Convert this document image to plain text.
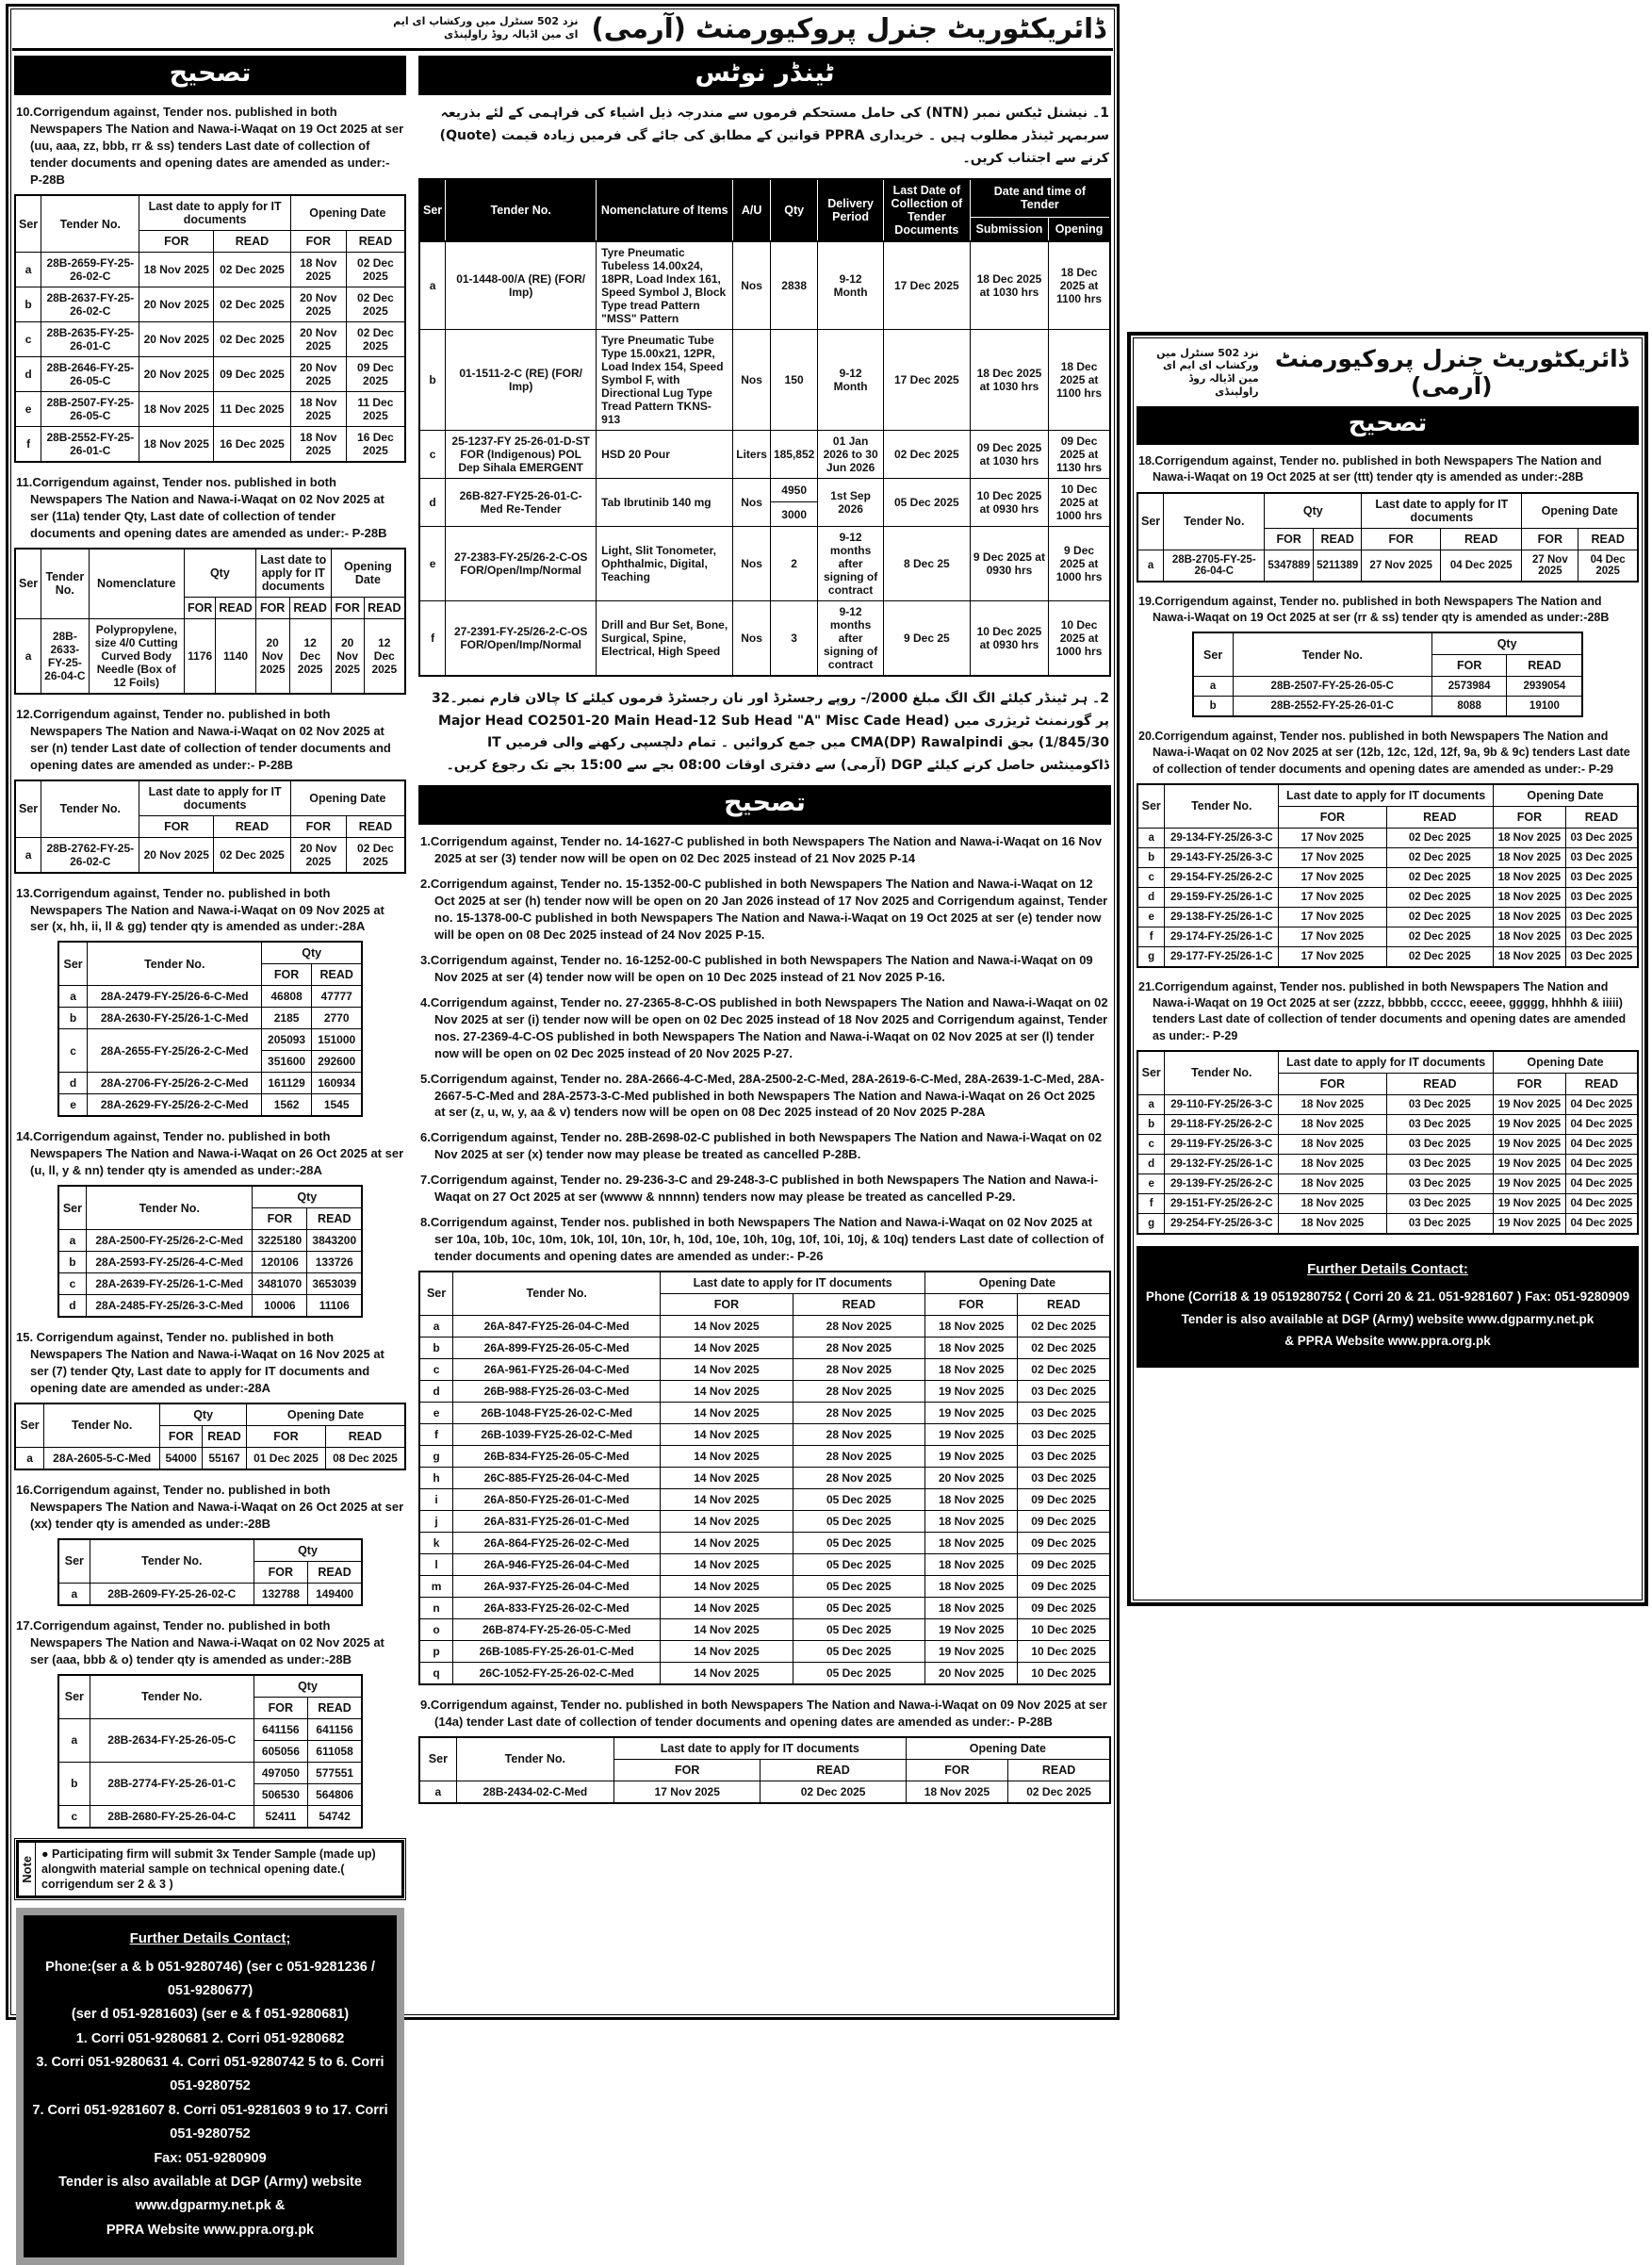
نزد 502 سنٹرل میں ورکشاپ ای ایم ای مین اڈیالہ روڈ راولپنڈی ڈائریکٹوریٹ جنرل پروکیورمنٹ (آرمی)
تصحیح

10.Corrigendum against, Tender nos. published in both Newspapers The Nation and Nawa-i-Waqat on 19 Oct 2025 at ser (uu, aaa, zz, bbb, rr & ss) tenders Last date of collection of tender documents and opening dates are amended as under:- P-28B

Ser	Tender No.	Last date to apply for IT documents		Opening Date	
		FOR	READ	FOR	READ
a	28B-2659-FY-25-26-02-C	18 Nov 2025	02 Dec 2025	18 Nov 2025	02 Dec 2025
b	28B-2637-FY-25-26-02-C	20 Nov 2025	02 Dec 2025	20 Nov 2025	02 Dec 2025
c	28B-2635-FY-25-26-01-C	20 Nov 2025	02 Dec 2025	20 Nov 2025	02 Dec 2025
d	28B-2646-FY-25-26-05-C	20 Nov 2025	09 Dec 2025	20 Nov 2025	09 Dec 2025
e	28B-2507-FY-25-26-05-C	18 Nov 2025	11 Dec 2025	18 Nov 2025	11 Dec 2025
f	28B-2552-FY-25-26-01-C	18 Nov 2025	16 Dec 2025	18 Nov 2025	16 Dec 2025

11.Corrigendum against, Tender nos. published in both Newspapers The Nation and Nawa-i-Waqat on 02 Nov 2025 at ser (11a) tender Qty, Last date of collection of tender documents and opening dates are amended as under:- P-28B

Ser	Tender No.	Nomenclature	Qty		Last date to apply for IT documents		Opening Date	
			FOR	READ	FOR	READ	FOR	READ
a	28B-2633-FY-25-26-04-C	Polypropylene, size 4/0 Cutting Curved Body Needle (Box of 12 Foils)	1176	1140	20 Nov 2025	12 Dec 2025	20 Nov 2025	12 Dec 2025

12.Corrigendum against, Tender no. published in both Newspapers The Nation and Nawa-i-Waqat on 02 Nov 2025 at ser (n) tender Last date of collection of tender documents and opening dates are amended as under:- P-28B

Ser	Tender No.	Last date to apply for IT documents		Opening Date	
		FOR	READ	FOR	READ
a	28B-2762-FY-25-26-02-C	20 Nov 2025	02 Dec 2025	20 Nov 2025	02 Dec 2025

13.Corrigendum against, Tender no. published in both Newspapers The Nation and Nawa-i-Waqat on 09 Nov 2025 at ser (x, hh, ii, ll & gg) tender qty is amended as under:-28A

Ser	Tender No.	Qty	
		FOR	READ
a	28A-2479-FY-25/26-6-C-Med	46808	47777
b	28A-2630-FY-25/26-1-C-Med	2185	2770
c	28A-2655-FY-25/26-2-C-Med	205093	151000
		351600	292600
d	28A-2706-FY-25/26-2-C-Med	161129	160934
e	28A-2629-FY-25/26-2-C-Med	1562	1545

14.Corrigendum against, Tender no. published in both Newspapers The Nation and Nawa-i-Waqat on 26 Oct 2025 at ser (u, ll, y & nn) tender qty is amended as under:-28A

Ser	Tender No.	Qty	
		FOR	READ
a	28A-2500-FY-25/26-2-C-Med	3225180	3843200
b	28A-2593-FY-25/26-4-C-Med	120106	133726
c	28A-2639-FY-25/26-1-C-Med	3481070	3653039
d	28A-2485-FY-25/26-3-C-Med	10006	11106

15. Corrigendum against, Tender no. published in both Newspapers The Nation and Nawa-i-Waqat on 16 Nov 2025 at ser (7) tender Qty, Last date to apply for IT documents and opening date are amended as under:-28A

Ser	Tender No.	Qty		Opening Date	
		FOR	READ	FOR	READ
a	28A-2605-5-C-Med	54000	55167	01 Dec 2025	08 Dec 2025

16.Corrigendum against, Tender no. published in both Newspapers The Nation and Nawa-i-Waqat on 26 Oct 2025 at ser (xx) tender qty is amended as under:-28B

Ser	Tender No.	Qty	
		FOR	READ
a	28B-2609-FY-25-26-02-C	132788	149400

17.Corrigendum against, Tender no. published in both Newspapers The Nation and Nawa-i-Waqat on 02 Nov 2025 at ser (aaa, bbb & o) tender qty is amended as under:-28B

Ser	Tender No.	Qty	
		FOR	READ
a	28B-2634-FY-25-26-05-C	641156	641156
		605056	611058
b	28B-2774-FY-25-26-01-C	497050	577551
		506530	564806
c	28B-2680-FY-25-26-04-C	52411	54742
Note
● Participating firm will submit 3x Tender Sample (made up) alongwith material sample on technical opening date.( corrigendum ser 2 & 3 )
Further Details Contact;
Phone:(ser a & b 051-9280746) (ser c 051-9281236 / 051-9280677)
(ser d 051-9281603) (ser e & f 051-9280681)
1. Corri 051-9280681 2. Corri 051-9280682
3. Corri 051-9280631 4. Corri 051-9280742 5 to 6. Corri 051-9280752
7. Corri 051-9281607 8. Corri 051-9281603 9 to 17. Corri 051-9280752
Fax: 051-9280909
Tender is also available at DGP (Army) website www.dgparmy.net.pk &
PPRA Website www.ppra.org.pk
ٹینڈر نوٹس

1۔ نیشنل ٹیکس نمبر (NTN) کی حامل مستحکم فرموں سے مندرجہ ذیل اشیاء کی فراہمی کے لئے بذریعہ سربمہر ٹینڈر مطلوب ہیں ۔ خریداری PPRA قوانین کے مطابق کی جائے گی فرمیں زیادہ قیمت (Quote) کرنے سے اجتناب کریں۔

Ser	Tender No.	Nomenclature of Items	A/U	Qty	Delivery Period	Last Date of Collection of Tender Documents	Date and time of Tender	
							Submission	Opening
a	01-1448-00/A (RE) (FOR/ Imp)	Tyre Pneumatic Tubeless 14.00x24, 18PR, Load Index 161, Speed Symbol J, Block Type tread Pattern "MSS" Pattern	Nos	2838	9-12 Month	17 Dec 2025	18 Dec 2025 at 1030 hrs	18 Dec 2025 at 1100 hrs
b	01-1511-2-C (RE) (FOR/ Imp)	Tyre Pneumatic Tube Type 15.00x21, 12PR, Load Index 154, Speed Symbol F, with Directional Lug Type Tread Pattern TKNS-913	Nos	150	9-12 Month	17 Dec 2025	18 Dec 2025 at 1030 hrs	18 Dec 2025 at 1100 hrs
c	25-1237-FY 25-26-01-D-ST FOR (Indigenous) POL Dep Sihala EMERGENT	HSD 20 Pour	Liters	185,852	01 Jan 2026 to 30 Jun 2026	02 Dec 2025	09 Dec 2025 at 1030 hrs	09 Dec 2025 at 1130 hrs
d	26B-827-FY25-26-01-C-Med Re-Tender	Tab Ibrutinib 140 mg	Nos	4950	1st Sep 2026	05 Dec 2025	10 Dec 2025 at 0930 hrs	10 Dec 2025 at 1000 hrs
				3000				
e	27-2383-FY-25/26-2-C-OS FOR/Open/Imp/Normal	Light, Slit Tonometer, Ophthalmic, Digital, Teaching	Nos	2	9-12 months after signing of contract	8 Dec 25	9 Dec 2025 at 0930 hrs	9 Dec 2025 at 1000 hrs
f	27-2391-FY-25/26-2-C-OS FOR/Open/Imp/Normal	Drill and Bur Set, Bone, Surgical, Spine, Electrical, High Speed	Nos	3	9-12 months after signing of contract	9 Dec 25	10 Dec 2025 at 0930 hrs	10 Dec 2025 at 1000 hrs

2۔ ہر ٹینڈر کیلئے الگ الگ مبلغ 2000/- روپے رجسٹرڈ اور نان رجسٹرڈ فرموں کیلئے کا چالان فارم نمبر۔32 پر گورنمنٹ ٹریژری میں (Major Head CO2501-20 Main Head-12 Sub Head "A" Misc Cade Head 1/845/30) بجق CMA(DP) Rawalpindi میں جمع کروائیں ۔ تمام دلچسپی رکھنے والی فرمیں IT ڈاکومینٹس حاصل کرنے کیلئے DGP (آرمی) سے دفتری اوقات 08:00 بجے سے 15:00 بجے تک رجوع کریں۔

تصحیح

1.Corrigendum against, Tender no. 14-1627-C published in both Newspapers The Nation and Nawa-i-Waqat on 16 Nov 2025 at ser (3) tender now will be open on 02 Dec 2025 instead of 21 Nov 2025 P-14

2.Corrigendum against, Tender no. 15-1352-00-C published in both Newspapers The Nation and Nawa-i-Waqat on 12 Oct 2025 at ser (h) tender now will be open on 20 Jan 2026 instead of 17 Nov 2025 and Corrigendum against, Tender no. 15-1378-00-C published in both Newspapers The Nation and Nawa-i-Waqat on 19 Oct 2025 at ser (e) tender now will be open on 08 Dec 2025 instead of 24 Nov 2025 P-15.

3.Corrigendum against, Tender no. 16-1252-00-C published in both Newspapers The Nation and Nawa-i-Waqat on 09 Nov 2025 at ser (4) tender now will be open on 10 Dec 2025 instead of 21 Nov 2025 P-16.

4.Corrigendum against, Tender no. 27-2365-8-C-OS published in both Newspapers The Nation and Nawa-i-Waqat on 02 Nov 2025 at ser (i) tender now will be open on 02 Dec 2025 instead of 18 Nov 2025 and Corrigendum against, Tender nos. 27-2369-4-C-OS published in both Newspapers The Nation and Nawa-i-Waqat on 02 Nov 2025 at ser (l) tender now will be open on 02 Dec 2025 instead of 20 Nov 2025 P-27.

5.Corrigendum against, Tender no. 28A-2666-4-C-Med, 28A-2500-2-C-Med, 28A-2619-6-C-Med, 28A-2639-1-C-Med, 28A-2667-5-C-Med and 28A-2573-3-C-Med published in both Newspapers The Nation and Nawa-i-Waqat on 26 Oct 2025 at ser (z, u, w, y, aa & v) tenders now will be open on 08 Dec 2025 instead of 20 Nov 2025 P-28A

6.Corrigendum against, Tender no. 28B-2698-02-C published in both Newspapers The Nation and Nawa-i-Waqat on 02 Nov 2025 at ser (x) tender now may please be treated as cancelled P-28B.

7.Corrigendum against, Tender no. 29-236-3-C and 29-248-3-C published in both Newspapers The Nation and Nawa-i-Waqat on 27 Oct 2025 at ser (wwww & nnnnn) tenders now may please be treated as cancelled P-29.

8.Corrigendum against, Tender nos. published in both Newspapers The Nation and Nawa-i-Waqat on 02 Nov 2025 at ser 10a, 10b, 10c, 10m, 10k, 10l, 10n, 10r, h, 10d, 10e, 10h, 10g, 10f, 10i, 10j, & 10q) tenders Last date of collection of tender documents and opening dates are amended as under:- P-26

Ser	Tender No.	Last date to apply for IT documents		Opening Date	
		FOR	READ	FOR	READ
a	26A-847-FY25-26-04-C-Med	14 Nov 2025	28 Nov 2025	18 Nov 2025	02 Dec 2025
b	26A-899-FY25-26-05-C-Med	14 Nov 2025	28 Nov 2025	18 Nov 2025	02 Dec 2025
c	26A-961-FY25-26-04-C-Med	14 Nov 2025	28 Nov 2025	18 Nov 2025	02 Dec 2025
d	26B-988-FY25-26-03-C-Med	14 Nov 2025	28 Nov 2025	19 Nov 2025	03 Dec 2025
e	26B-1048-FY25-26-02-C-Med	14 Nov 2025	28 Nov 2025	19 Nov 2025	03 Dec 2025
f	26B-1039-FY25-26-02-C-Med	14 Nov 2025	28 Nov 2025	19 Nov 2025	03 Dec 2025
g	26B-834-FY25-26-05-C-Med	14 Nov 2025	28 Nov 2025	19 Nov 2025	03 Dec 2025
h	26C-885-FY25-26-04-C-Med	14 Nov 2025	28 Nov 2025	20 Nov 2025	03 Dec 2025
i	26A-850-FY25-26-01-C-Med	14 Nov 2025	05 Dec 2025	18 Nov 2025	09 Dec 2025
j	26A-831-FY25-26-01-C-Med	14 Nov 2025	05 Dec 2025	18 Nov 2025	09 Dec 2025
k	26A-864-FY25-26-02-C-Med	14 Nov 2025	05 Dec 2025	18 Nov 2025	09 Dec 2025
l	26A-946-FY25-26-04-C-Med	14 Nov 2025	05 Dec 2025	18 Nov 2025	09 Dec 2025
m	26A-937-FY25-26-04-C-Med	14 Nov 2025	05 Dec 2025	18 Nov 2025	09 Dec 2025
n	26A-833-FY25-26-02-C-Med	14 Nov 2025	05 Dec 2025	18 Nov 2025	09 Dec 2025
o	26B-874-FY-25-26-05-C-Med	14 Nov 2025	05 Dec 2025	19 Nov 2025	10 Dec 2025
p	26B-1085-FY-25-26-01-C-Med	14 Nov 2025	05 Dec 2025	19 Nov 2025	10 Dec 2025
q	26C-1052-FY-25-26-02-C-Med	14 Nov 2025	05 Dec 2025	20 Nov 2025	10 Dec 2025

9.Corrigendum against, Tender no. published in both Newspapers The Nation and Nawa-i-Waqat on 09 Nov 2025 at ser (14a) tender Last date of collection of tender documents and opening dates are amended as under:- P-28B

Ser	Tender No.	Last date to apply for IT documents		Opening Date	
		FOR	READ	FOR	READ
a	28B-2434-02-C-Med	17 Nov 2025	02 Dec 2025	18 Nov 2025	02 Dec 2025
نزد 502 سنٹرل میں ورکشاپ ای ایم ای مین اڈیالہ روڈ راولپنڈی
ڈائریکٹوریٹ جنرل پروکیورمنٹ (آرمی)
تصحیح

18.Corrigendum against, Tender no. published in both Newspapers The Nation and Nawa-i-Waqat on 19 Oct 2025 at ser (ttt) tender qty is amended as under:-28B

Ser	Tender No.	Qty		Last date to apply for IT documents		Opening Date	
		FOR	READ	FOR	READ	FOR	READ
a	28B-2705-FY-25-26-04-C	5347889	5211389	27 Nov 2025	04 Dec 2025	27 Nov 2025	04 Dec 2025

19.Corrigendum against, Tender no. published in both Newspapers The Nation and Nawa-i-Waqat on 19 Oct 2025 at ser (rr & ss) tender qty is amended as under:-28B

Ser	Tender No.	Qty	
		FOR	READ
a	28B-2507-FY-25-26-05-C	2573984	2939054
b	28B-2552-FY-25-26-01-C	8088	19100

20.Corrigendum against, Tender nos. published in both Newspapers The Nation and Nawa-i-Waqat on 02 Nov 2025 at ser (12b, 12c, 12d, 12f, 9a, 9b & 9c) tenders Last date of collection of tender documents and opening dates are amended as under:- P-29

Ser	Tender No.	Last date to apply for IT documents		Opening Date	
		FOR	READ	FOR	READ
a	29-134-FY-25/26-3-C	17 Nov 2025	02 Dec 2025	18 Nov 2025	03 Dec 2025
b	29-143-FY-25/26-3-C	17 Nov 2025	02 Dec 2025	18 Nov 2025	03 Dec 2025
c	29-154-FY-25/26-2-C	17 Nov 2025	02 Dec 2025	18 Nov 2025	03 Dec 2025
d	29-159-FY-25/26-1-C	17 Nov 2025	02 Dec 2025	18 Nov 2025	03 Dec 2025
e	29-138-FY-25/26-1-C	17 Nov 2025	02 Dec 2025	18 Nov 2025	03 Dec 2025
f	29-174-FY-25/26-1-C	17 Nov 2025	02 Dec 2025	18 Nov 2025	03 Dec 2025
g	29-177-FY-25/26-1-C	17 Nov 2025	02 Dec 2025	18 Nov 2025	03 Dec 2025

21.Corrigendum against, Tender nos. published in both Newspapers The Nation and Nawa-i-Waqat on 19 Oct 2025 at ser (zzzz, bbbbb, ccccc, eeeee, ggggg, hhhhh & iiiii) tenders Last date of collection of tender documents and opening dates are amended as under:- P-29

Ser	Tender No.	Last date to apply for IT documents		Opening Date	
		FOR	READ	FOR	READ
a	29-110-FY-25/26-3-C	18 Nov 2025	03 Dec 2025	19 Nov 2025	04 Dec 2025
b	29-118-FY-25/26-2-C	18 Nov 2025	03 Dec 2025	19 Nov 2025	04 Dec 2025
c	29-119-FY-25/26-3-C	18 Nov 2025	03 Dec 2025	19 Nov 2025	04 Dec 2025
d	29-132-FY-25/26-1-C	18 Nov 2025	03 Dec 2025	19 Nov 2025	04 Dec 2025
e	29-139-FY-25/26-2-C	18 Nov 2025	03 Dec 2025	19 Nov 2025	04 Dec 2025
f	29-151-FY-25/26-2-C	18 Nov 2025	03 Dec 2025	19 Nov 2025	04 Dec 2025
g	29-254-FY-25/26-3-C	18 Nov 2025	03 Dec 2025	19 Nov 2025	04 Dec 2025
Further Details Contact:
Phone (Corri18 & 19 0519280752 ( Corri 20 & 21. 051-9281607 ) Fax: 051-9280909
Tender is also available at DGP (Army) website www.dgparmy.net.pk
& PPRA Website www.ppra.org.pk
